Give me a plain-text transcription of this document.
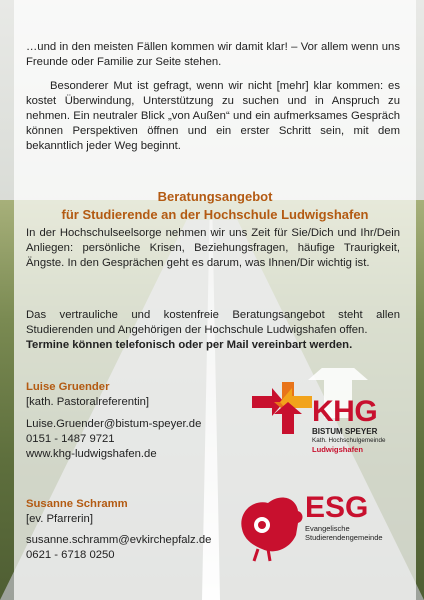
…und in den meisten Fällen kommen wir damit klar! – Vor allem wenn uns Freunde oder Familie zur Seite stehen.

Besonderer Mut ist gefragt, wenn wir nicht [mehr] klar kommen: es kostet Überwindung, Unterstützung zu suchen und in Anspruch zu nehmen. Ein neutraler Blick „von Außen“ und ein aufmerksames Gespräch können Perspektiven öffnen und ein erster Schritt sein, mit dem bekanntlich jeder Weg beginnt.

Beratungsangebot
für Studierende an der Hochschule Ludwigshafen

In der Hochschulseelsorge nehmen wir uns Zeit für Sie/Dich und Ihr/Dein Anliegen: persönliche Krisen, Beziehungsfragen, häufige Traurigkeit, Ängste. In den Gesprächen geht es darum, was Ihnen/Dir wichtig ist.

Das vertrauliche und kostenfreie Beratungsangebot steht allen Studierenden und Angehörigen der Hochschule Ludwigshafen offen.

Termine können telefonisch oder per Mail vereinbart werden.

Luise Gruender
[kath. Pastoralreferentin]
Luise.Gruender@bistum-speyer.de
0151 - 1487 9721
www.khg-ludwigshafen.de
Susanne Schramm
[ev. Pfarrerin]
susanne.schramm@evkirchepfalz.de
0621 - 6718 0250
KHG
BISTUM SPEYER
Kath. Hochschulgemeinde
Ludwigshafen
ESG
Evangelische
Studierendengemeinde
